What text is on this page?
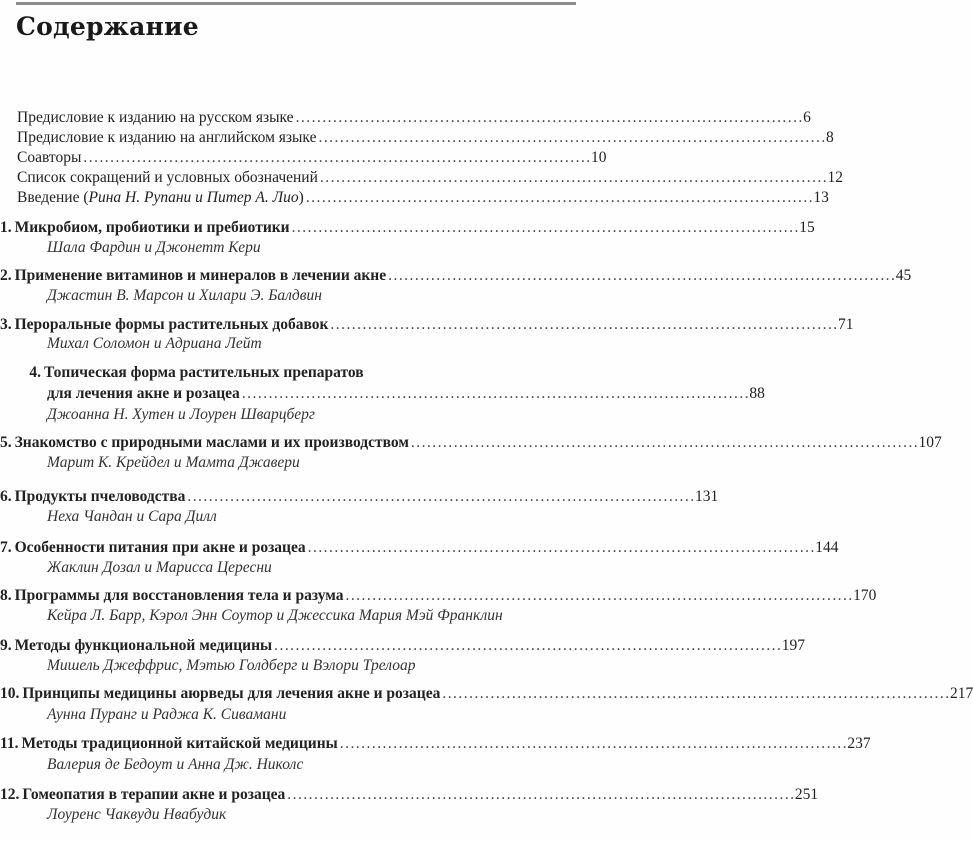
Содержание
Предисловие к изданию на русском языке . . .	6
Предисловие к изданию на английском языке . . .	8
Соавторы . . .	10
Список сокращений и условных обозначений . . .	12
Введение (Рина Н. Рупани и Питер А. Лио) . . .	13
1. Микробиом, пробиотики и пребиотики . . .	15
Шала Фардин и Джонетт Кери
2. Применение витаминов и минералов в лечении акне . . .	45
Джастин В. Марсон и Хилари Э. Балдвин
3. Пероральные формы растительных добавок . . .	71
Михал Соломон и Адриана Лейт
4. Топическая форма растительных препаратов
для лечения акне и розацеа . . .	88
Джоанна Н. Хутен и Лоурен Шварцберг
5. Знакомство с природными маслами и их производством . . .	107
Марит К. Крейдел и Мамта Джавери
6. Продукты пчеловодства . . .	131
Неха Чандан и Сара Дилл
7. Особенности питания при акне и розацеа . . .	144
Жаклин Дозал и Марисса Цересни
8. Программы для восстановления тела и разума . . .	170
Кейра Л. Барр, Кэрол Энн Соутор и Джессика Мария Мэй Франклин
9. Методы функциональной медицины . . .	197
Мишель Джеффрис, Мэтью Голдберг и Вэлори Трелоар
10. Принципы медицины аюрведы для лечения акне и розацеа . . .	217
Аунна Пуранг и Раджа К. Сивамани
11. Методы традиционной китайской медицины . . .	237
Валерия де Бедоут и Анна Дж. Николс
12. Гомеопатия в терапии акне и розацеа . . .	251
Лоуренс Чаквуди Нвабудик
